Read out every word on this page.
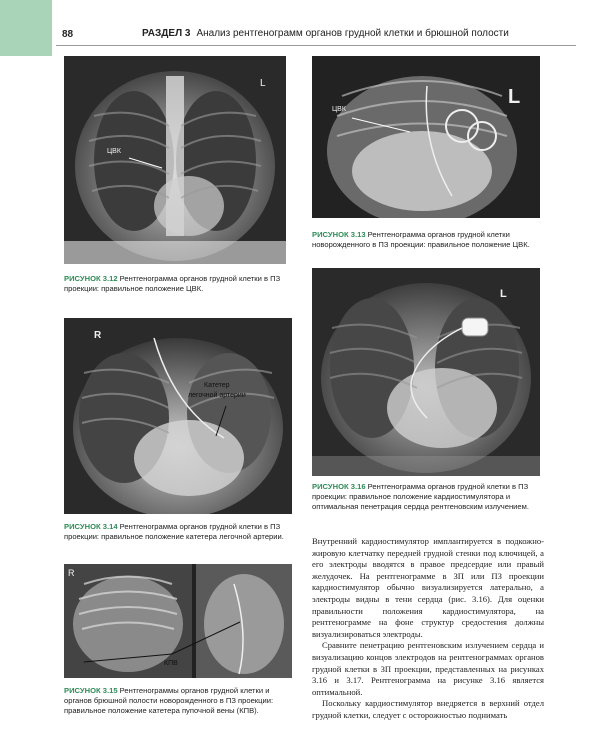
88	РАЗДЕЛ 3 Анализ рентгенограмм органов грудной клетки и брюшной полости
ЦВК
L
РИСУНОК 3.12 Рентгенограмма органов грудной клетки в ПЗ проекции: правильное положение ЦВК.
ЦВК
L
РИСУНОК 3.13 Рентгенограмма органов грудной клетки новорожденного в ПЗ проекции: правильное положение ЦВК.
R
Катетер
легочной артерии
РИСУНОК 3.14 Рентгенограмма органов грудной клетки в ПЗ проекции: правильное положение катетера легочной артерии.
L
РИСУНОК 3.16 Рентгенограмма органов грудной клетки в ПЗ проекции: правильное положение кардиостимулятора и оптимальная пенетрация сердца рентгеновским излучением.
R
КПВ
РИСУНОК 3.15 Рентгенограммы органов грудной клетки и органов брюшной полости новорожденного в ПЗ проекции: правильное положение катетера пупочной вены (КПВ).

Внутренний кардиостимулятор имплантируется в подкожно-жировую клетчатку передней грудной стенки под ключицей, а его электроды вводятся в правое предсердие или правый желудочек. На рентгенограмме в ЗП или ПЗ проекции кардиостимулятор обычно визуализируется латерально, а электроды видны в тени сердца (рис. 3.16). Для оценки правильности положения кардиостимулятора, на рентгенограмме на фоне структур средостения должны визуализироваться электроды.

Сравните пенетрацию рентгеновским излучением сердца и визуализацию концов электродов на рентгенограммах органов грудной клетки в ЗП проекции, представленных на рисунках 3.16 и 3.17. Рентгенограмма на рисунке 3.16 является оптимальной.

Поскольку кардиостимулятор внедряется в верхний отдел грудной клетки, следует с осторожностью поднимать
